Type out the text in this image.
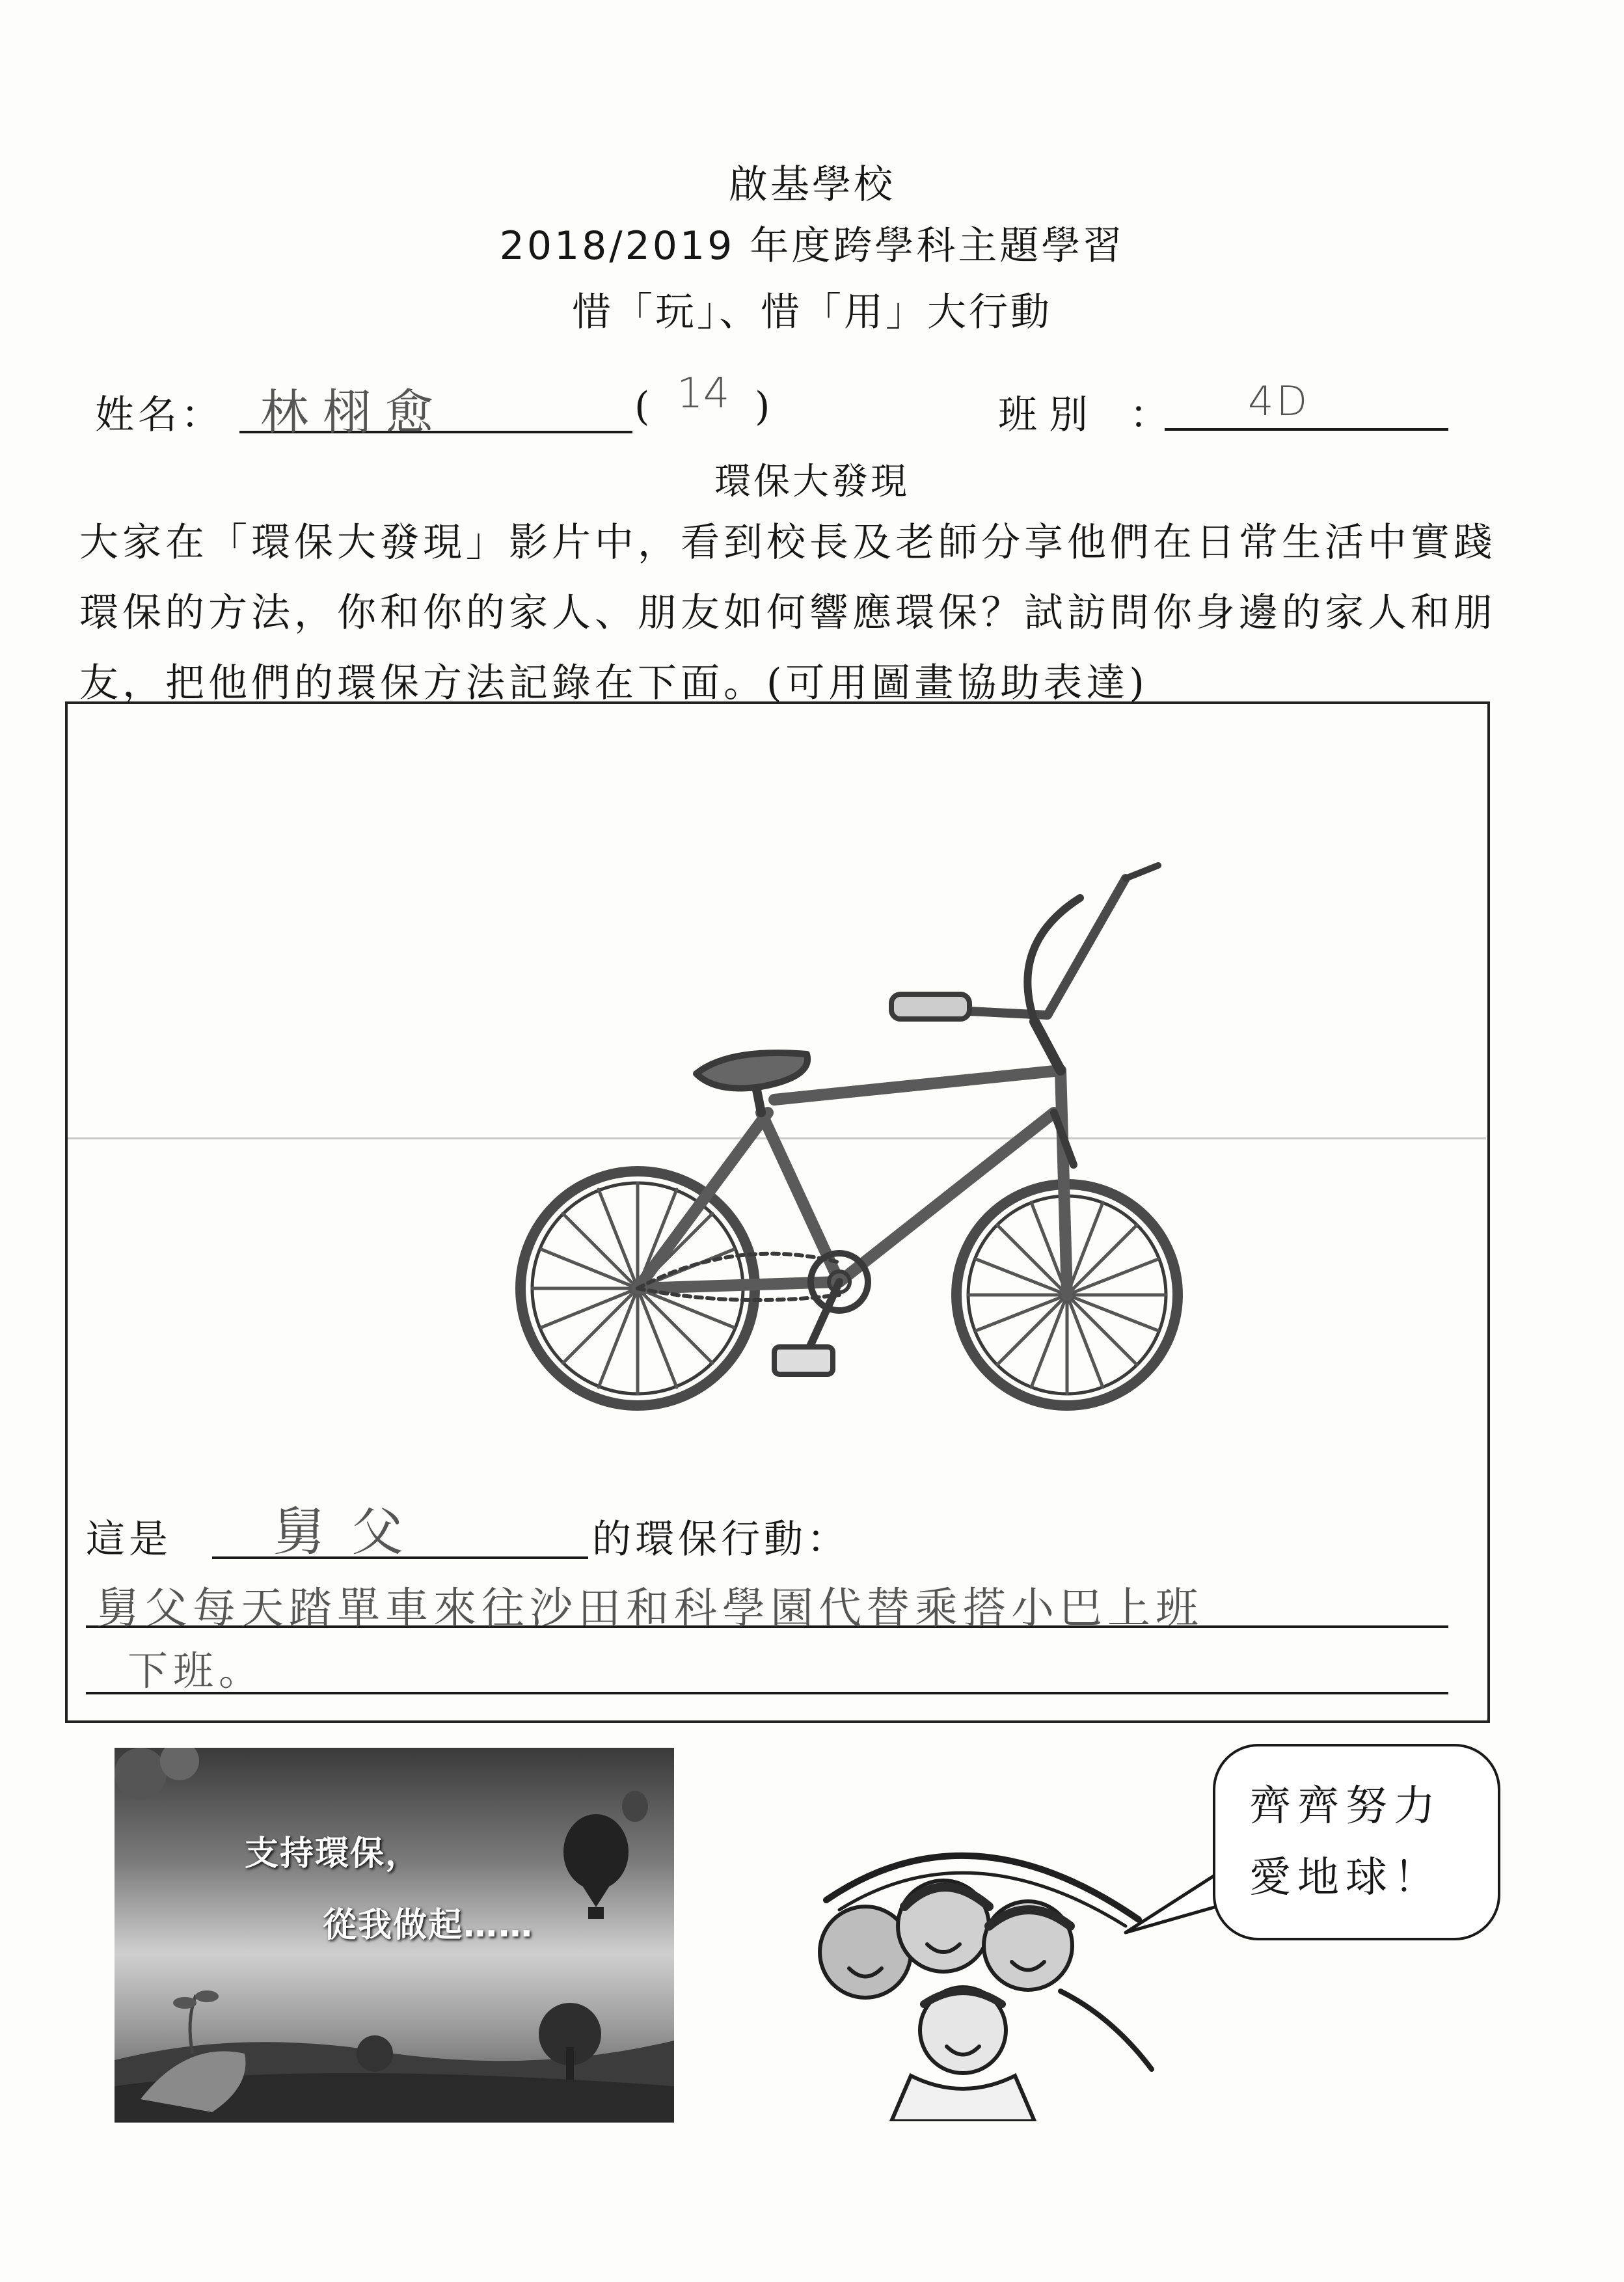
啟基學校
2018/2019 年度跨學科主題學習
惜「玩」、惜「用」大行動
姓名： 林栩愈	( 14 )	班別 ： 4D
環保大發現
大家在「環保大發現」影片中，看到校長及老師分享他們在日常生活中實踐
環保的方法，你和你的家人、朋友如何響應環保？試訪問你身邊的家人和朋
友，把他們的環保方法記錄在下面。(可用圖畫協助表達)
這是 舅父	的環保行動：
舅父每天踏單車來往沙田和科學園代替乘搭小巴上班
下班。
支持環保，
從我做起……
齊齊努力
愛地球！
